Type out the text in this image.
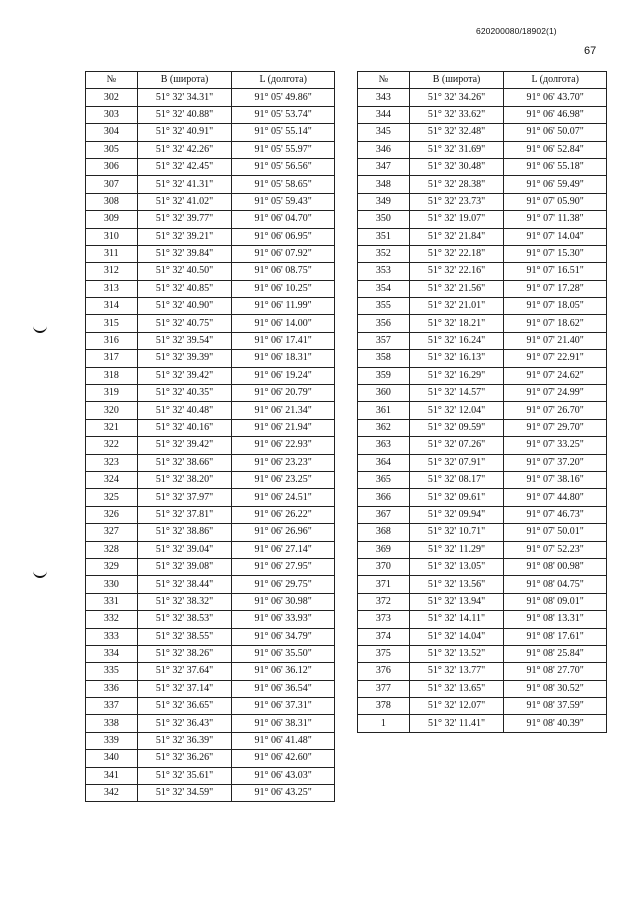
620200080/18902(1)
67
№	B (широта)	L (долгота)
302	51° 32' 34.31"	91° 05' 49.86"
303	51° 32' 40.88"	91° 05' 53.74"
304	51° 32' 40.91"	91° 05' 55.14"
305	51° 32' 42.26"	91° 05' 55.97"
306	51° 32' 42.45"	91° 05' 56.56"
307	51° 32' 41.31"	91° 05' 58.65"
308	51° 32' 41.02"	91° 05' 59.43"
309	51° 32' 39.77"	91° 06' 04.70"
310	51° 32' 39.21"	91° 06' 06.95"
311	51° 32' 39.84"	91° 06' 07.92"
312	51° 32' 40.50"	91° 06' 08.75"
313	51° 32' 40.85"	91° 06' 10.25"
314	51° 32' 40.90"	91° 06' 11.99"
315	51° 32' 40.75"	91° 06' 14.00"
316	51° 32' 39.54"	91° 06' 17.41"
317	51° 32' 39.39"	91° 06' 18.31"
318	51° 32' 39.42"	91° 06' 19.24"
319	51° 32' 40.35"	91° 06' 20.79"
320	51° 32' 40.48"	91° 06' 21.34"
321	51° 32' 40.16"	91° 06' 21.94"
322	51° 32' 39.42"	91° 06' 22.93"
323	51° 32' 38.66"	91° 06' 23.23"
324	51° 32' 38.20"	91° 06' 23.25"
325	51° 32' 37.97"	91° 06' 24.51"
326	51° 32' 37.81"	91° 06' 26.22"
327	51° 32' 38.86"	91° 06' 26.96"
328	51° 32' 39.04"	91° 06' 27.14"
329	51° 32' 39.08"	91° 06' 27.95"
330	51° 32' 38.44"	91° 06' 29.75"
331	51° 32' 38.32"	91° 06' 30.98"
332	51° 32' 38.53"	91° 06' 33.93"
333	51° 32' 38.55"	91° 06' 34.79"
334	51° 32' 38.26"	91° 06' 35.50"
335	51° 32' 37.64"	91° 06' 36.12"
336	51° 32' 37.14"	91° 06' 36.54"
337	51° 32' 36.65"	91° 06' 37.31"
338	51° 32' 36.43"	91° 06' 38.31"
339	51° 32' 36.39"	91° 06' 41.48"
340	51° 32' 36.26"	91° 06' 42.60"
341	51° 32' 35.61"	91° 06' 43.03"
342	51° 32' 34.59"	91° 06' 43.25"
№	B (широта)	L (долгота)
343	51° 32' 34.26"	91° 06' 43.70"
344	51° 32' 33.62"	91° 06' 46.98"
345	51° 32' 32.48"	91° 06' 50.07"
346	51° 32' 31.69"	91° 06' 52.84"
347	51° 32' 30.48"	91° 06' 55.18"
348	51° 32' 28.38"	91° 06' 59.49"
349	51° 32' 23.73"	91° 07' 05.90"
350	51° 32' 19.07"	91° 07' 11.38"
351	51° 32' 21.84"	91° 07' 14.04"
352	51° 32' 22.18"	91° 07' 15.30"
353	51° 32' 22.16"	91° 07' 16.51"
354	51° 32' 21.56"	91° 07' 17.28"
355	51° 32' 21.01"	91° 07' 18.05"
356	51° 32' 18.21"	91° 07' 18.62"
357	51° 32' 16.24"	91° 07' 21.40"
358	51° 32' 16.13"	91° 07' 22.91"
359	51° 32' 16.29"	91° 07' 24.62"
360	51° 32' 14.57"	91° 07' 24.99"
361	51° 32' 12.04"	91° 07' 26.70"
362	51° 32' 09.59"	91° 07' 29.70"
363	51° 32' 07.26"	91° 07' 33.25"
364	51° 32' 07.91"	91° 07' 37.20"
365	51° 32' 08.17"	91° 07' 38.16"
366	51° 32' 09.61"	91° 07' 44.80"
367	51° 32' 09.94"	91° 07' 46.73"
368	51° 32' 10.71"	91° 07' 50.01"
369	51° 32' 11.29"	91° 07' 52.23"
370	51° 32' 13.05"	91° 08' 00.98"
371	51° 32' 13.56"	91° 08' 04.75"
372	51° 32' 13.94"	91° 08' 09.01"
373	51° 32' 14.11"	91° 08' 13.31"
374	51° 32' 14.04"	91° 08' 17.61"
375	51° 32' 13.52"	91° 08' 25.84"
376	51° 32' 13.77"	91° 08' 27.70"
377	51° 32' 13.65"	91° 08' 30.52"
378	51° 32' 12.07"	91° 08' 37.59"
1	51° 32' 11.41"	91° 08' 40.39"
